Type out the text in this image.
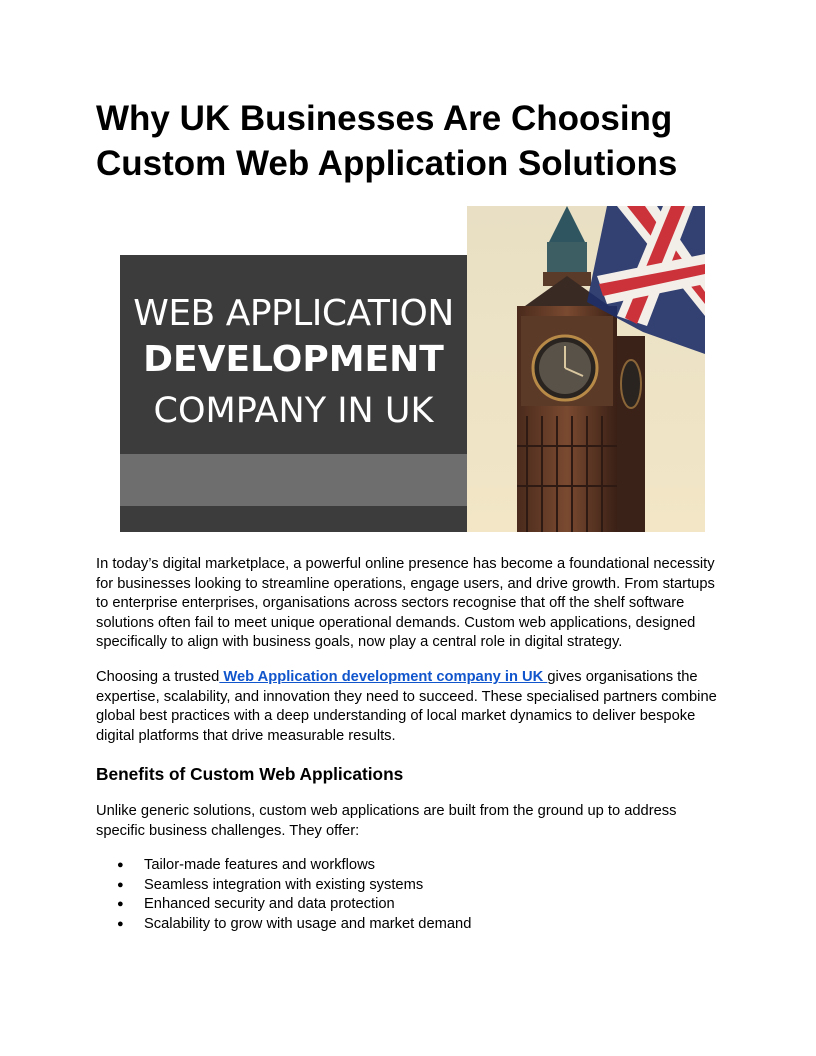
Why UK Businesses Are Choosing Custom Web Application Solutions
WEB APPLICATION
DEVELOPMENT
COMPANY IN UK

In today’s digital marketplace, a powerful online presence has become a foundational necessity for businesses looking to streamline operations, engage users, and drive growth. From startups to enterprise enterprises, organisations across sectors recognise that off the shelf software solutions often fail to meet unique operational demands. Custom web applications, designed specifically to align with business goals, now play a central role in digital strategy.

Choosing a trusted Web Application development company in UK gives organisations the expertise, scalability, and innovation they need to succeed. These specialised partners combine global best practices with a deep understanding of local market dynamics to deliver bespoke digital platforms that drive measurable results.

Benefits of Custom Web Applications

Unlike generic solutions, custom web applications are built from the ground up to address specific business challenges. They offer:

● Tailor-made features and workflows
● Seamless integration with existing systems
● Enhanced security and data protection
● Scalability to grow with usage and market demand
